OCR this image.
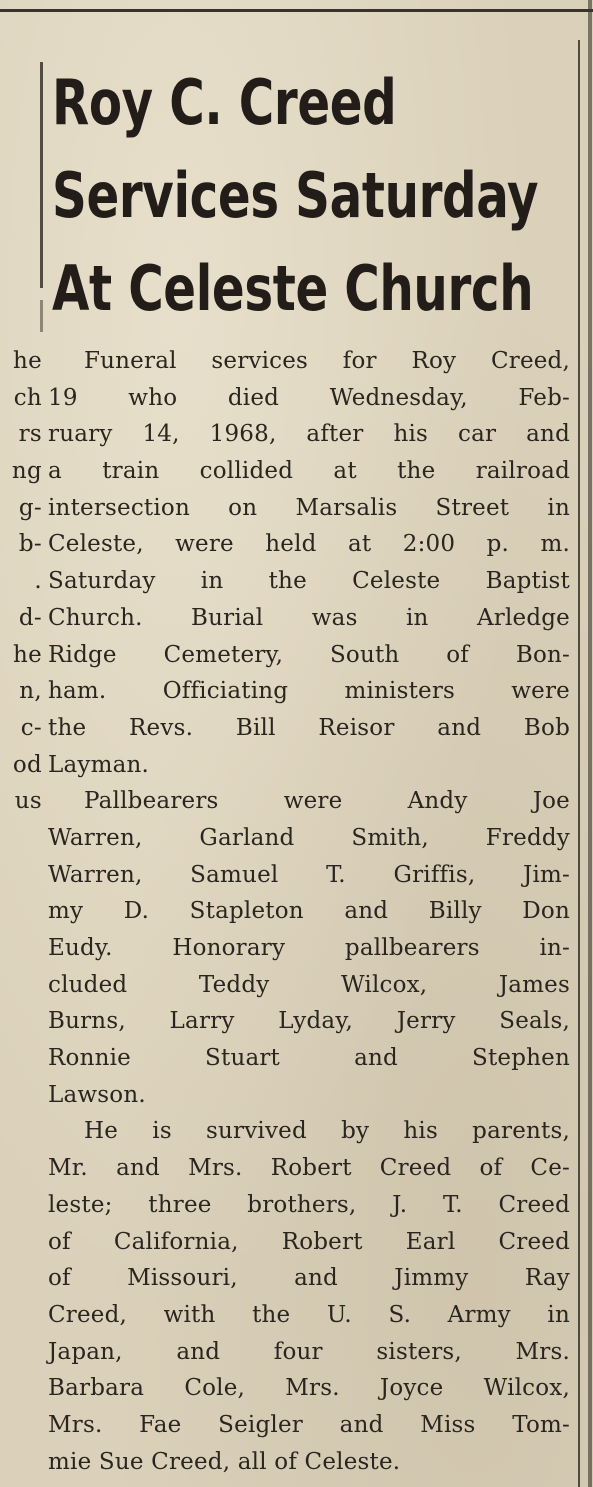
Roy C. Creed
Services Saturday
At Celeste Church
he
ch
rs
ng
g-
b-
.
d-
he
n,
c-
od
us
Funeral services for Roy Creed,
19 who died Wednesday, Feb-
ruary 14, 1968, after his car and
a train collided at the railroad
intersection on Marsalis Street in
Celeste, were held at 2:00 p. m.
Saturday in the Celeste Baptist
Church. Burial was in Arledge
Ridge Cemetery, South of Bon-
ham. Officiating ministers were
the Revs. Bill Reisor and Bob
Layman.
Pallbearers were Andy Joe
Warren, Garland Smith, Freddy
Warren, Samuel T. Griffis, Jim-
my D. Stapleton and Billy Don
Eudy. Honorary pallbearers in-
cluded Teddy Wilcox, James
Burns, Larry Lyday, Jerry Seals,
Ronnie Stuart and Stephen
Lawson.
He is survived by his parents,
Mr. and Mrs. Robert Creed of Ce-
leste; three brothers, J. T. Creed
of California, Robert Earl Creed
of Missouri, and Jimmy Ray
Creed, with the U. S. Army in
Japan, and four sisters, Mrs.
Barbara Cole, Mrs. Joyce Wilcox,
Mrs. Fae Seigler and Miss Tom-
mie Sue Creed, all of Celeste.
